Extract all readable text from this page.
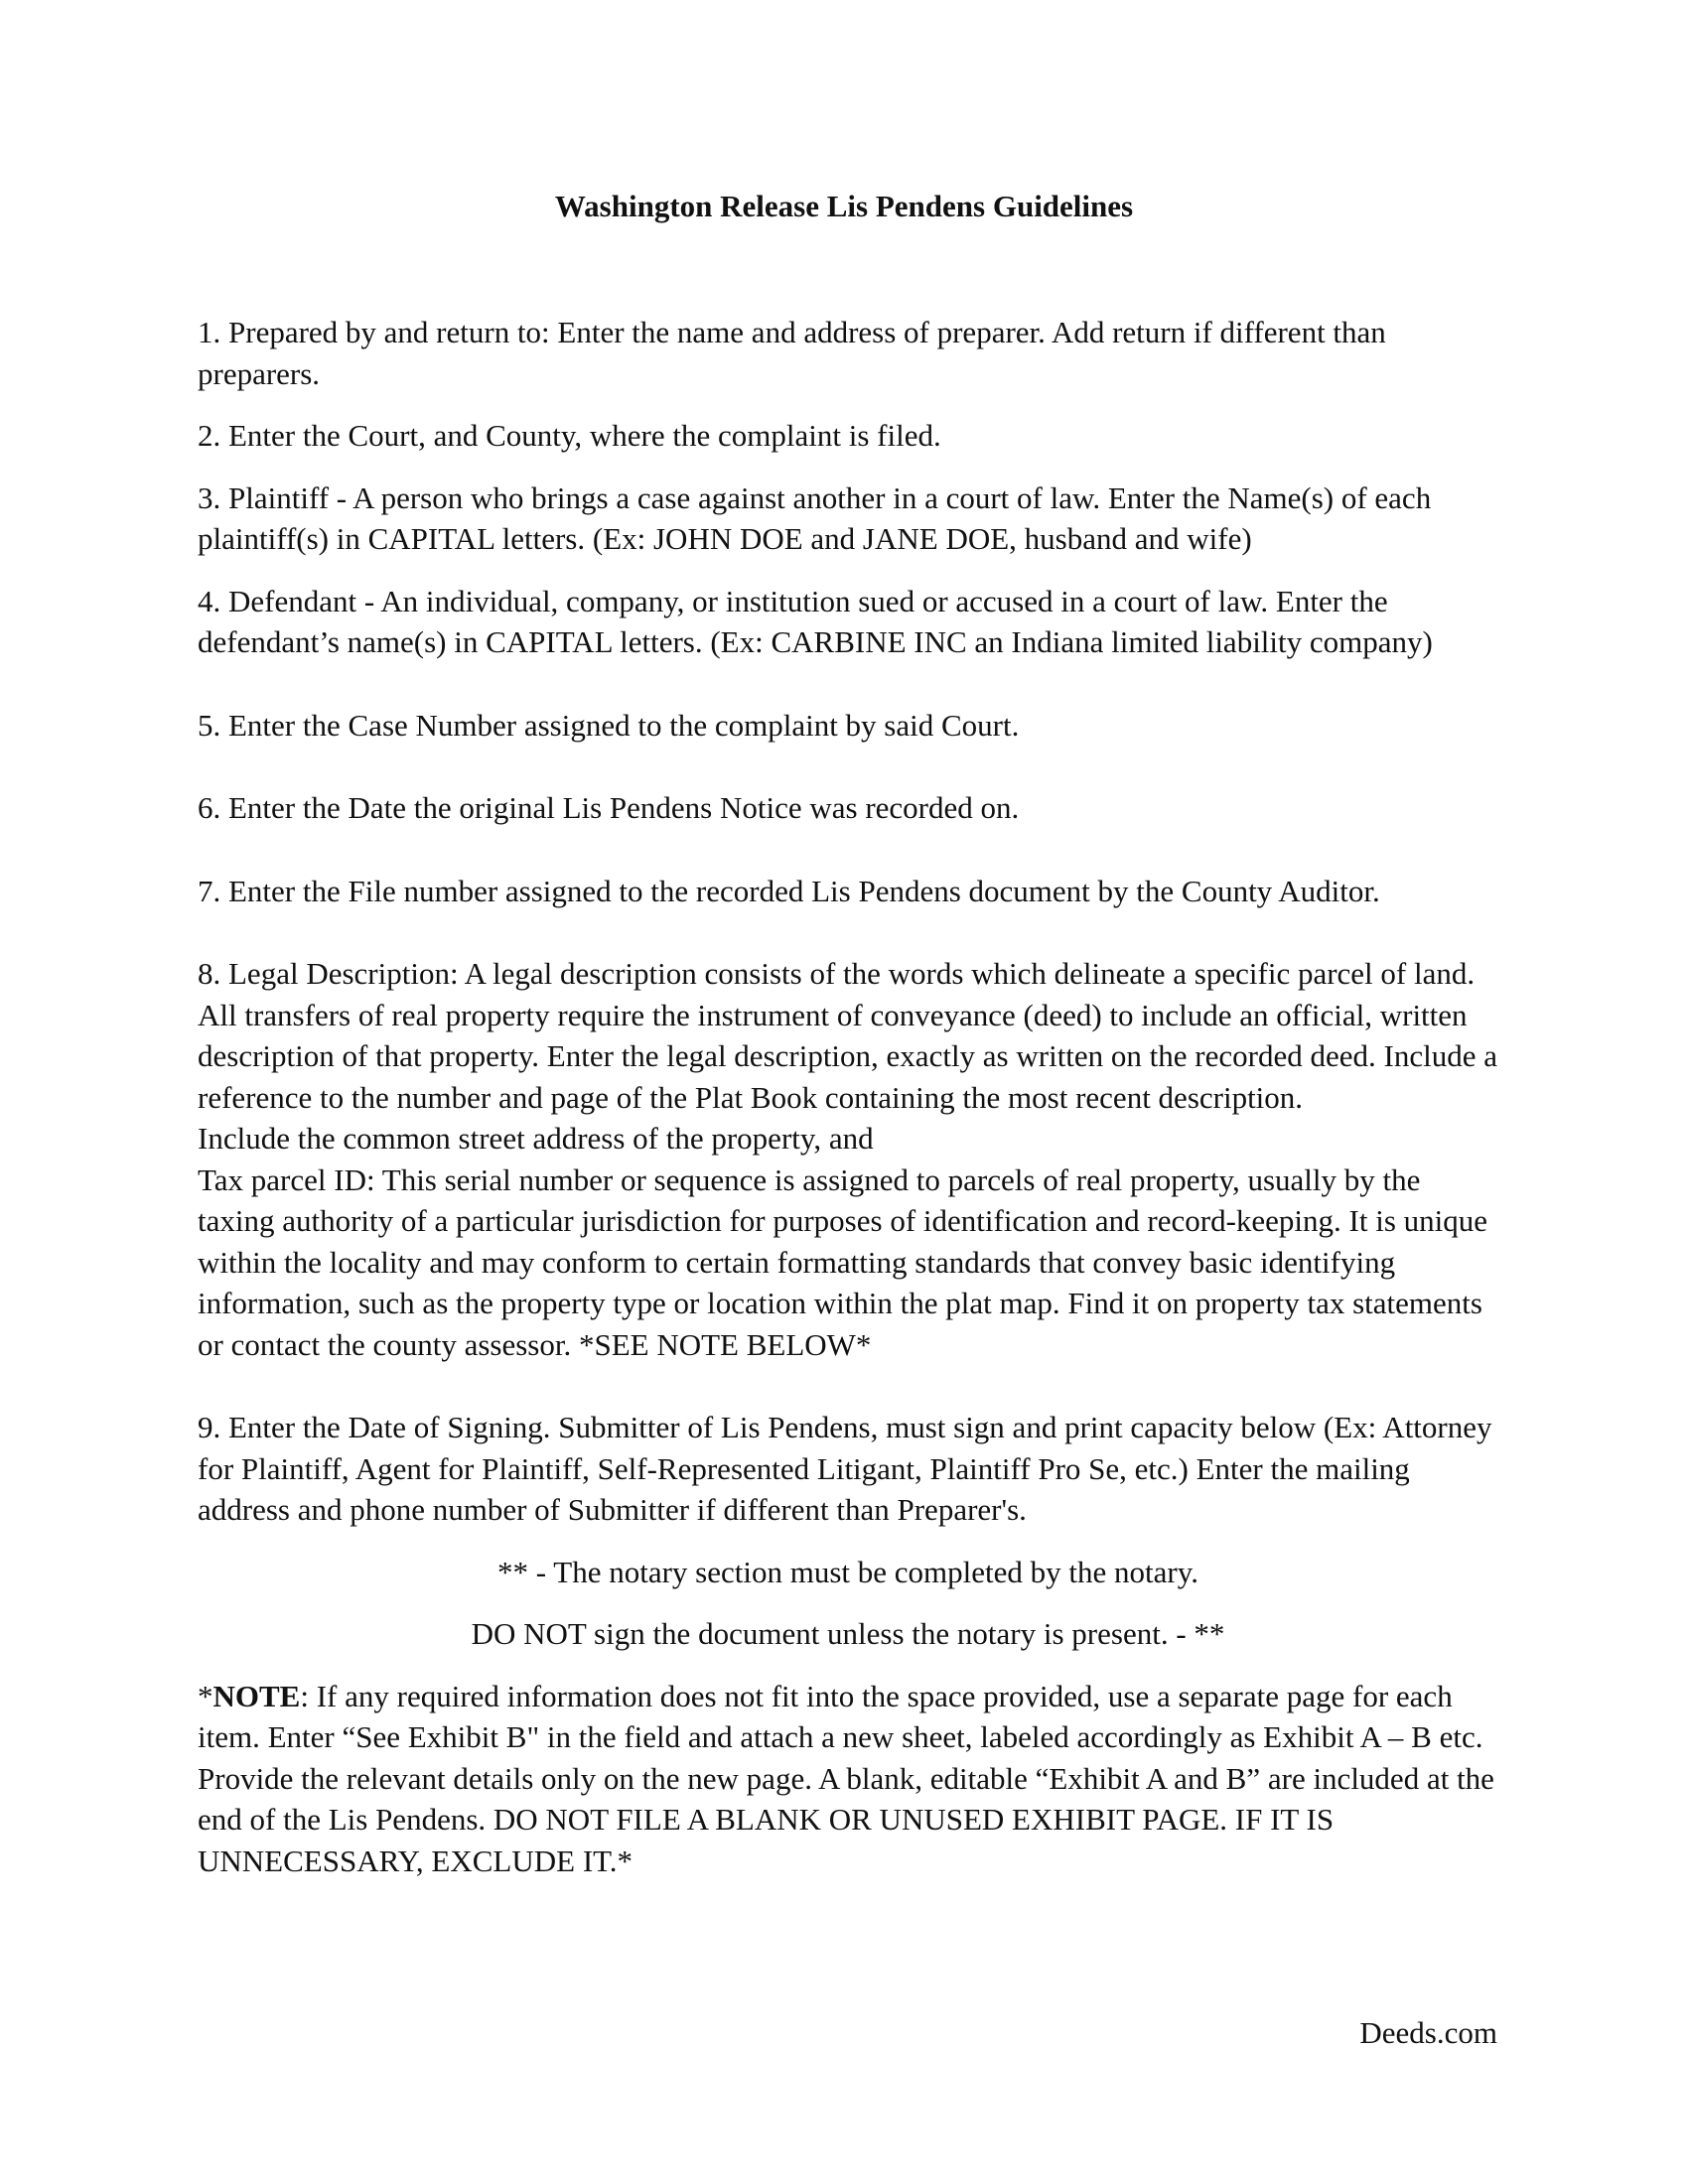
Washington Release Lis Pendens Guidelines

1. Prepared by and return to: Enter the name and address of preparer. Add return if different than preparers.

2. Enter the Court, and County, where the complaint is filed.

3. Plaintiff - A person who brings a case against another in a court of law. Enter the Name(s) of each plaintiff(s) in CAPITAL letters. (Ex: JOHN DOE and JANE DOE, husband and wife)

4. Defendant - An individual, company, or institution sued or accused in a court of law. Enter the defendant’s name(s) in CAPITAL letters. (Ex: CARBINE INC an Indiana limited liability company)

5. Enter the Case Number assigned to the complaint by said Court.

6. Enter the Date the original Lis Pendens Notice was recorded on.

7. Enter the File number assigned to the recorded Lis Pendens document by the County Auditor.

8. Legal Description: A legal description consists of the words which delineate a specific parcel of land. All transfers of real property require the instrument of conveyance (deed) to include an official, written description of that property. Enter the legal description, exactly as written on the recorded deed. Include a reference to the number and page of the Plat Book containing the most recent description.

Include the common street address of the property, and

Tax parcel ID: This serial number or sequence is assigned to parcels of real property, usually by the taxing authority of a particular jurisdiction for purposes of identification and record-keeping. It is unique within the locality and may conform to certain formatting standards that convey basic identifying information, such as the property type or location within the plat map. Find it on property tax statements or contact the county assessor. *SEE NOTE BELOW*

9. Enter the Date of Signing. Submitter of Lis Pendens, must sign and print capacity below (Ex: Attorney for Plaintiff, Agent for Plaintiff, Self-Represented Litigant, Plaintiff Pro Se, etc.) Enter the mailing address and phone number of Submitter if different than Preparer's.

** - The notary section must be completed by the notary.

DO NOT sign the document unless the notary is present. - **

*NOTE: If any required information does not fit into the space provided, use a separate page for each item. Enter “See Exhibit B" in the field and attach a new sheet, labeled accordingly as Exhibit A – B etc. Provide the relevant details only on the new page. A blank, editable “Exhibit A and B” are included at the end of the Lis Pendens. DO NOT FILE A BLANK OR UNUSED EXHIBIT PAGE. IF IT IS UNNECESSARY, EXCLUDE IT.*

Deeds.com
